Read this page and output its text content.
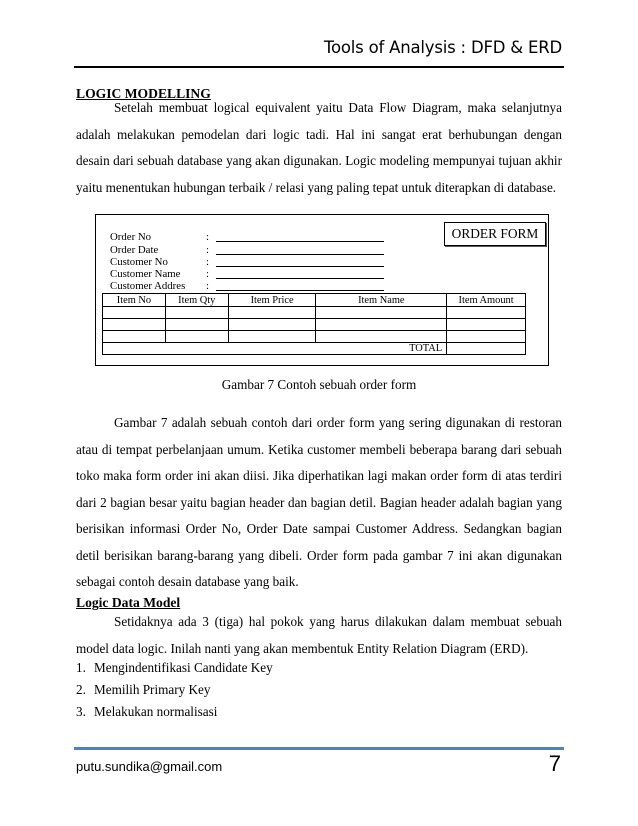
Tools of Analysis : DFD & ERD
LOGIC MODELLING

Setelah membuat logical equivalent yaitu Data Flow Diagram, maka selanjutnya adalah melakukan pemodelan dari logic tadi. Hal ini sangat erat berhubungan dengan desain dari sebuah database yang akan digunakan. Logic modeling mempunyai tujuan akhir yaitu menentukan hubungan terbaik / relasi yang paling tepat untuk diterapkan di database.

ORDER FORM
Order No	:
Order Date	:
Customer No	:
Customer Name :
Customer Addres :
Item No	Item Qty	Item Price	Item Name	Item Amount

TOTAL				
Gambar 7 Contoh sebuah order form

Gambar 7 adalah sebuah contoh dari order form yang sering digunakan di restoran atau di tempat perbelanjaan umum. Ketika customer membeli beberapa barang dari sebuah toko maka form order ini akan diisi. Jika diperhatikan lagi makan order form di atas terdiri dari 2 bagian besar yaitu bagian header dan bagian detil. Bagian header adalah bagian yang berisikan informasi Order No, Order Date sampai Customer Address. Sedangkan bagian detil berisikan barang-barang yang dibeli. Order form pada gambar 7 ini akan digunakan sebagai contoh desain database yang baik.

Logic Data Model

Setidaknya ada 3 (tiga) hal pokok yang harus dilakukan dalam membuat sebuah model data logic. Inilah nanti yang akan membentuk Entity Relation Diagram (ERD).

1. Mengindentifikasi Candidate Key
2. Memilih Primary Key
3. Melakukan normalisasi
putu.sundika@gmail.com	7
